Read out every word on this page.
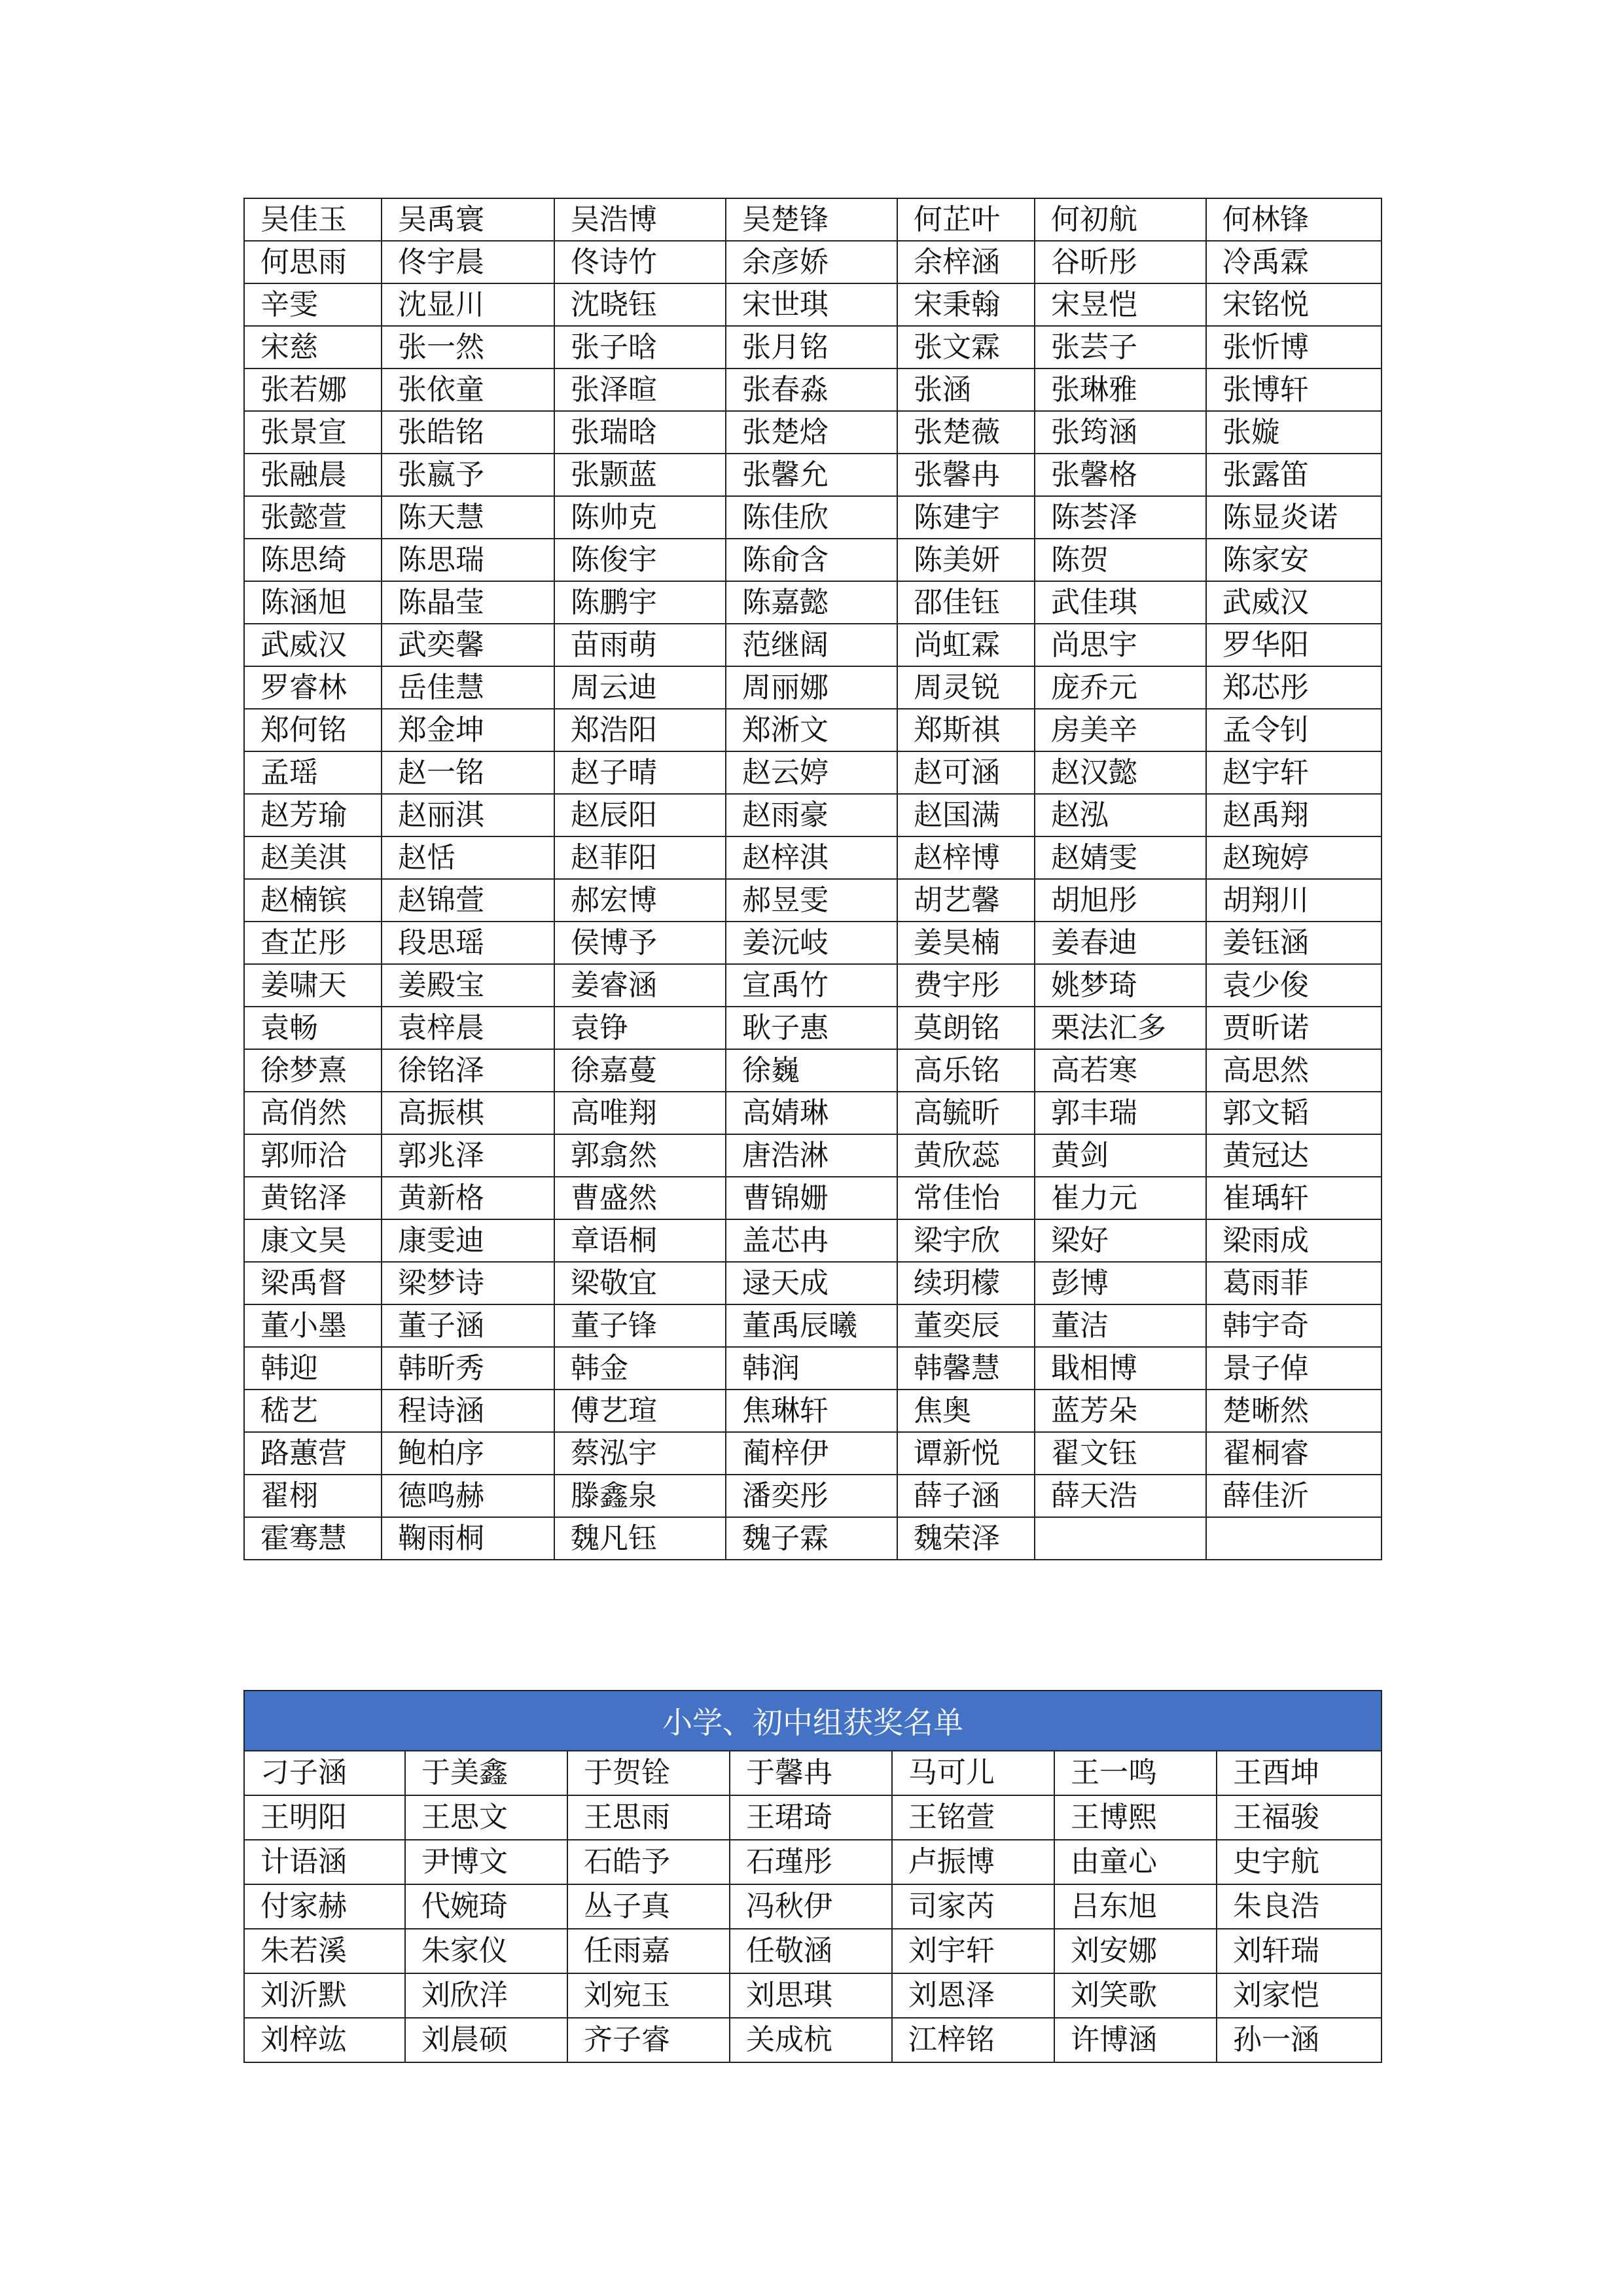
吴佳玉	吴禹寰	吴浩博	吴楚锋	何芷叶	何初航	何林锋
何思雨	佟宇晨	佟诗竹	余彦娇	余梓涵	谷昕彤	冷禹霖
辛雯	沈显川	沈晓钰	宋世琪	宋秉翰	宋昱恺	宋铭悦
宋慈	张一然	张子晗	张月铭	张文霖	张芸子	张忻博
张若娜	张依童	张泽暄	张春淼	张涵	张琳雅	张博轩
张景宣	张皓铭	张瑞晗	张楚焓	张楚薇	张筠涵	张嫙
张融晨	张嬴予	张颢蓝	张馨允	张馨冉	张馨格	张露笛
张懿萱	陈天慧	陈帅克	陈佳欣	陈建宇	陈荟泽	陈显炎诺
陈思绮	陈思瑞	陈俊宇	陈俞含	陈美妍	陈贺	陈家安
陈涵旭	陈晶莹	陈鹏宇	陈嘉懿	邵佳钰	武佳琪	武威汉
武威汉	武奕馨	苗雨萌	范继阔	尚虹霖	尚思宇	罗华阳
罗睿林	岳佳慧	周云迪	周丽娜	周灵锐	庞乔元	郑芯彤
郑何铭	郑金坤	郑浩阳	郑淅文	郑斯祺	房美辛	孟令钊
孟瑶	赵一铭	赵子晴	赵云婷	赵可涵	赵汉懿	赵宇轩
赵芳瑜	赵丽淇	赵辰阳	赵雨豪	赵国满	赵泓	赵禹翔
赵美淇	赵恬	赵菲阳	赵梓淇	赵梓博	赵婧雯	赵琬婷
赵楠镔	赵锦萱	郝宏博	郝昱雯	胡艺馨	胡旭彤	胡翔川
查芷彤	段思瑶	侯博予	姜沅岐	姜昊楠	姜春迪	姜钰涵
姜啸天	姜殿宝	姜睿涵	宣禹竹	费宇彤	姚梦琦	袁少俊
袁畅	袁梓晨	袁铮	耿子惠	莫朗铭	栗法汇多	贾昕诺
徐梦熹	徐铭泽	徐嘉蔓	徐巍	高乐铭	高若寒	高思然
高俏然	高振棋	高唯翔	高婧琳	高毓昕	郭丰瑞	郭文韬
郭师洽	郭兆泽	郭翕然	唐浩淋	黄欣蕊	黄剑	黄冠达
黄铭泽	黄新格	曹盛然	曹锦姗	常佳怡	崔力元	崔瑀轩
康文昊	康雯迪	章语桐	盖芯冉	梁宇欣	梁好	梁雨成
梁禹督	梁梦诗	梁敬宜	逯天成	续玥檬	彭博	葛雨菲
董小墨	董子涵	董子锋	董禹辰曦	董奕辰	董洁	韩宇奇
韩迎	韩昕秀	韩金	韩润	韩馨慧	戢相博	景子倬
嵇艺	程诗涵	傅艺瑄	焦琳轩	焦奥	蓝芳朵	楚晰然
路蕙营	鲍柏序	蔡泓宇	蔺梓伊	谭新悦	翟文钰	翟桐睿
翟栩	德鸣赫	滕鑫泉	潘奕彤	薛子涵	薛天浩	薛佳沂
霍骞慧	鞠雨桐	魏凡钰	魏子霖	魏荣泽		
小学、初中组获奖名单						
刁子涵	于美鑫	于贺铨	于馨冉	马可儿	王一鸣	王酉坤
王明阳	王思文	王思雨	王珺琦	王铭萱	王博熙	王福骏
计语涵	尹博文	石皓予	石瑾彤	卢振博	由童心	史宇航
付家赫	代婉琦	丛子真	冯秋伊	司家芮	吕东旭	朱良浩
朱若溪	朱家仪	任雨嘉	任敬涵	刘宇轩	刘安娜	刘轩瑞
刘沂默	刘欣洋	刘宛玉	刘思琪	刘恩泽	刘笑歌	刘家恺
刘梓竑	刘晨硕	齐子睿	关成杭	江梓铭	许博涵	孙一涵
